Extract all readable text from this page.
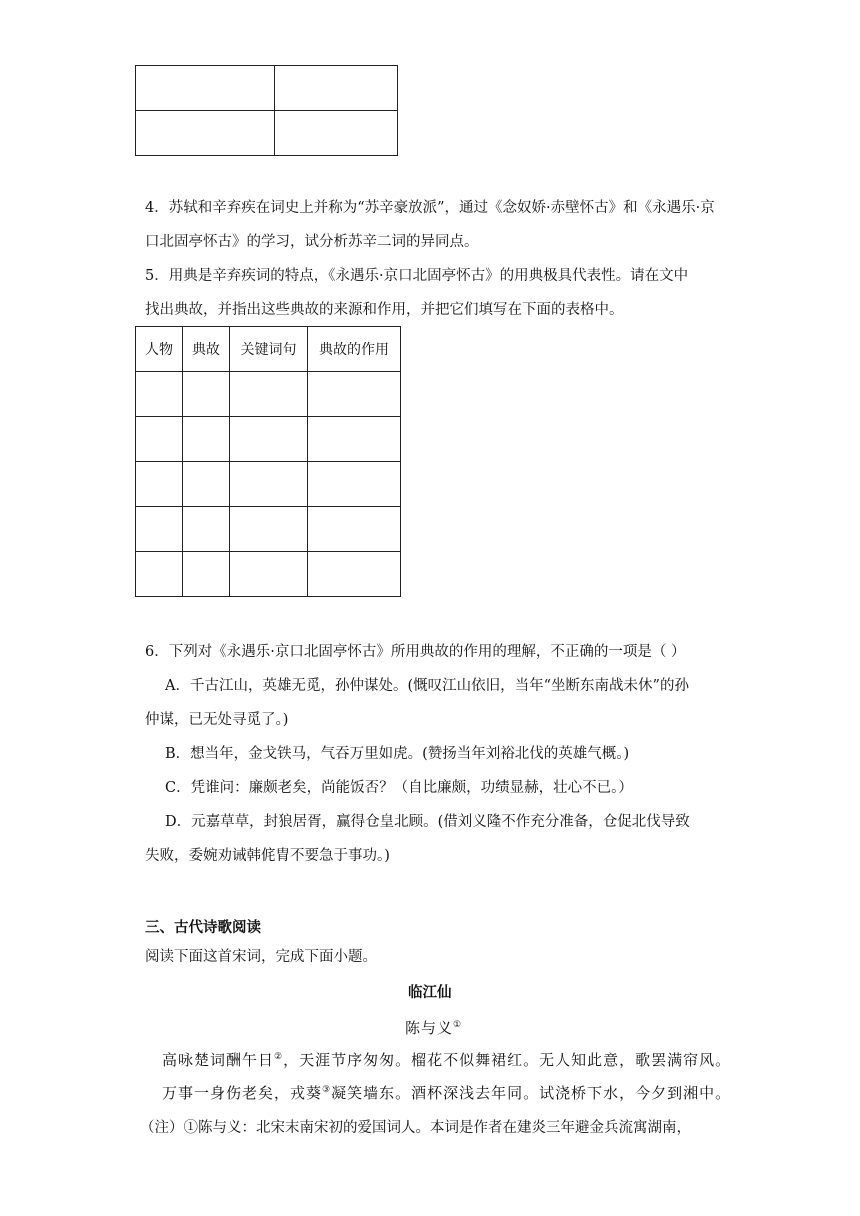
4．苏轼和辛弃疾在词史上并称为“苏辛豪放派”，通过《念奴娇·赤壁怀古》和《永遇乐·京
口北固亭怀古》的学习，试分析苏辛二词的异同点。
5．用典是辛弃疾词的特点，《永遇乐·京口北固亭怀古》的用典极具代表性。请在文中
找出典故，并指出这些典故的来源和作用，并把它们填写在下面的表格中。
人物	典故	关键词句	典故的作用

6．下列对《永遇乐·京口北固亭怀古》所用典故的作用的理解，不正确的一项是（ ）
A．千古江山，英雄无觅，孙仲谋处。(慨叹江山依旧，当年“坐断东南战未休”的孙
仲谋，已无处寻觅了。)
B．想当年，金戈铁马，气吞万里如虎。(赞扬当年刘裕北伐的英雄气概。)
C．凭谁问：廉颇老矣，尚能饭否？（自比廉颇，功绩显赫，壮心不已。）
D．元嘉草草，封狼居胥，赢得仓皇北顾。(借刘义隆不作充分准备，仓促北伐导致
失败，委婉劝诫韩侂胄不要急于事功。)
三、古代诗歌阅读
阅读下面这首宋词，完成下面小题。
临江仙
陈与义①
高咏楚词酬午日②，天涯节序匆匆。榴花不似舞裙红。无人知此意，歌罢满帘风。
万事一身伤老矣，戎葵③凝笑墙东。酒杯深浅去年同。试浇桥下水，今夕到湘中。
（注）①陈与义：北宋末南宋初的爱国词人。本词是作者在建炎三年避金兵流寓湖南，
